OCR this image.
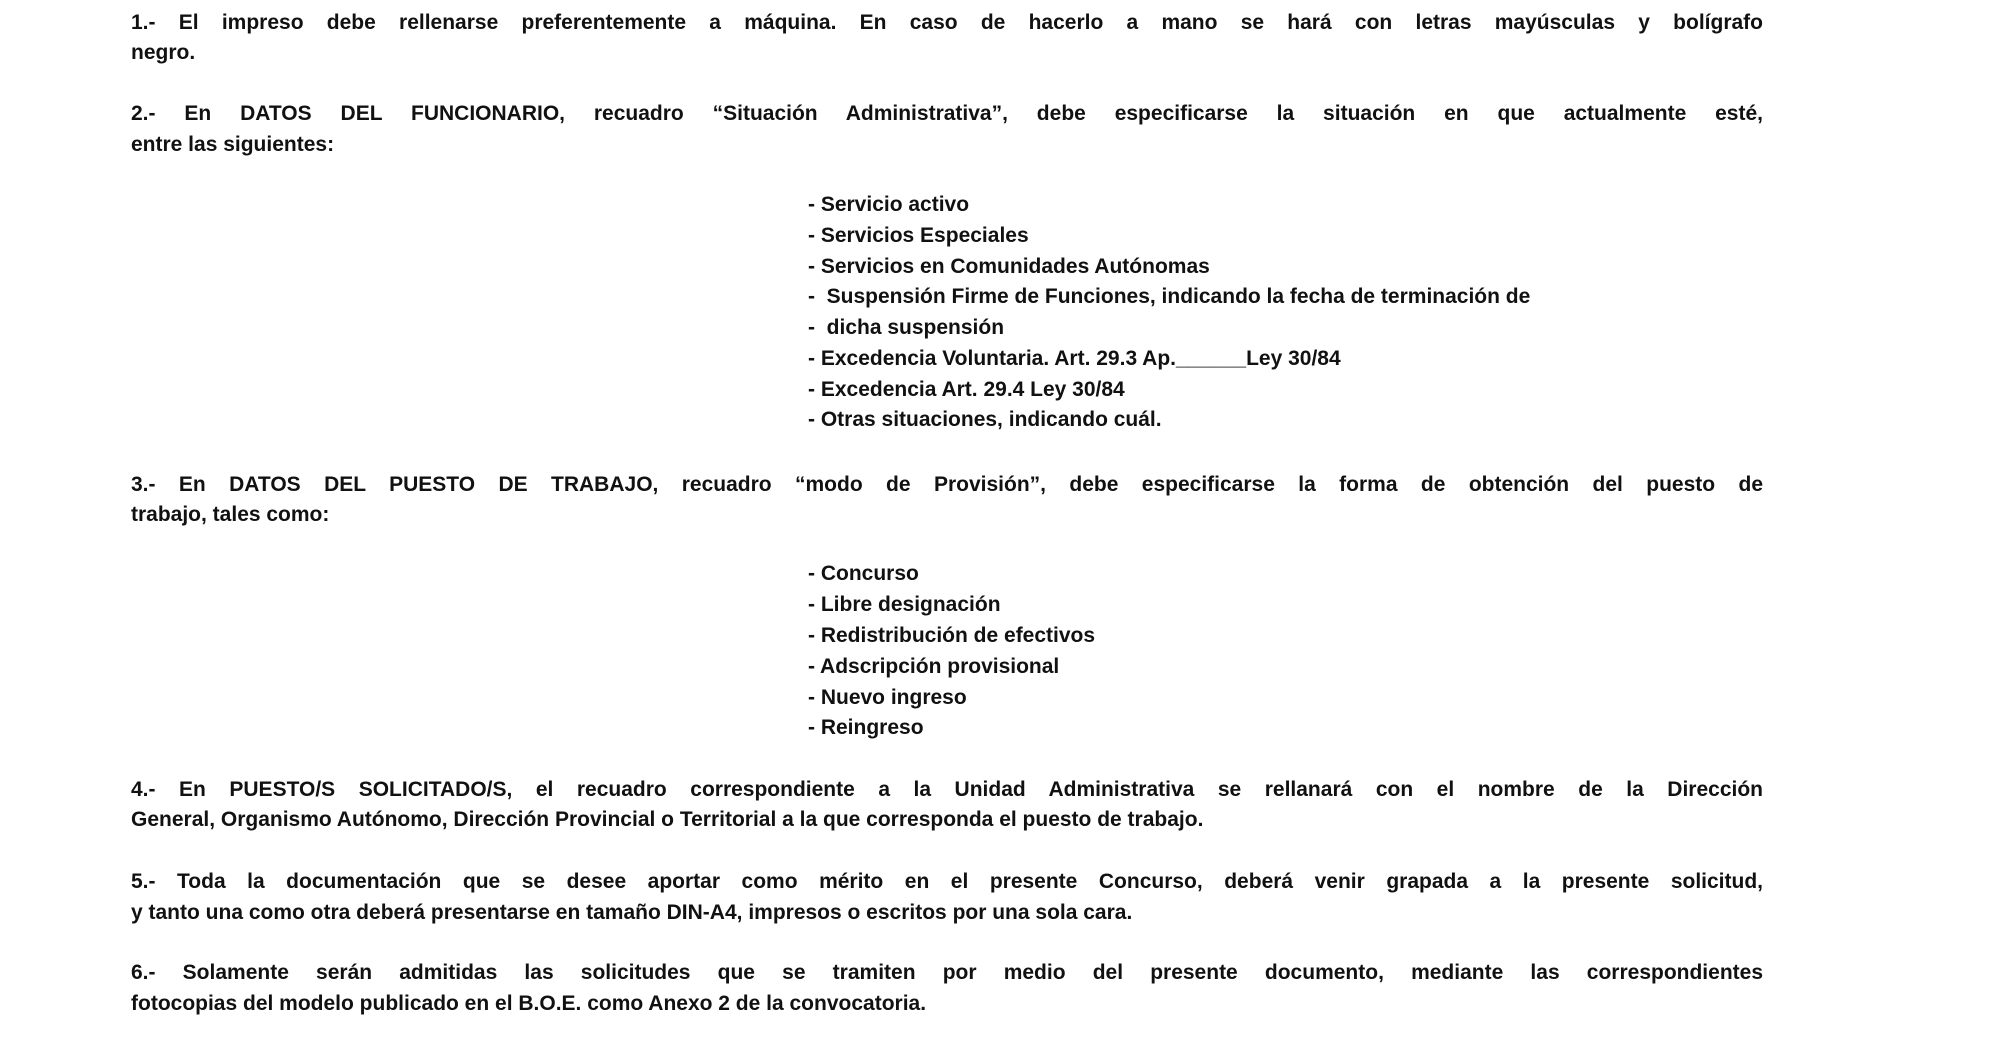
1.- El impreso debe rellenarse preferentemente a máquina. En caso de hacerlo a mano se hará con letras mayúsculas y bolígrafo
negro.
2.- En DATOS DEL FUNCIONARIO, recuadro “Situación Administrativa”, debe especificarse la situación en que actualmente esté,
entre las siguientes:
- Servicio activo
- Servicios Especiales
- Servicios en Comunidades Autónomas
-  Suspensión Firme de Funciones, indicando la fecha de terminación de
-  dicha suspensión
- Excedencia Voluntaria. Art. 29.3 Ap.______Ley 30/84
- Excedencia Art. 29.4 Ley 30/84
- Otras situaciones, indicando cuál.
3.- En DATOS DEL PUESTO DE TRABAJO, recuadro “modo de Provisión”, debe especificarse la forma de obtención del puesto de
trabajo, tales como:
- Concurso
- Libre designación
- Redistribución de efectivos
- Adscripción provisional
- Nuevo ingreso
- Reingreso
4.- En PUESTO/S SOLICITADO/S, el recuadro correspondiente a la Unidad Administrativa se rellanará con el nombre de la Dirección
General, Organismo Autónomo, Dirección Provincial o Territorial a la que corresponda el puesto de trabajo.
5.- Toda la documentación que se desee aportar como mérito en el presente Concurso, deberá venir grapada a la presente solicitud,
y tanto una como otra deberá presentarse en tamaño DIN-A4, impresos o escritos por una sola cara.
6.- Solamente serán admitidas las solicitudes que se tramiten por medio del presente documento, mediante las correspondientes
fotocopias del modelo publicado en el B.O.E. como Anexo 2 de la convocatoria.
